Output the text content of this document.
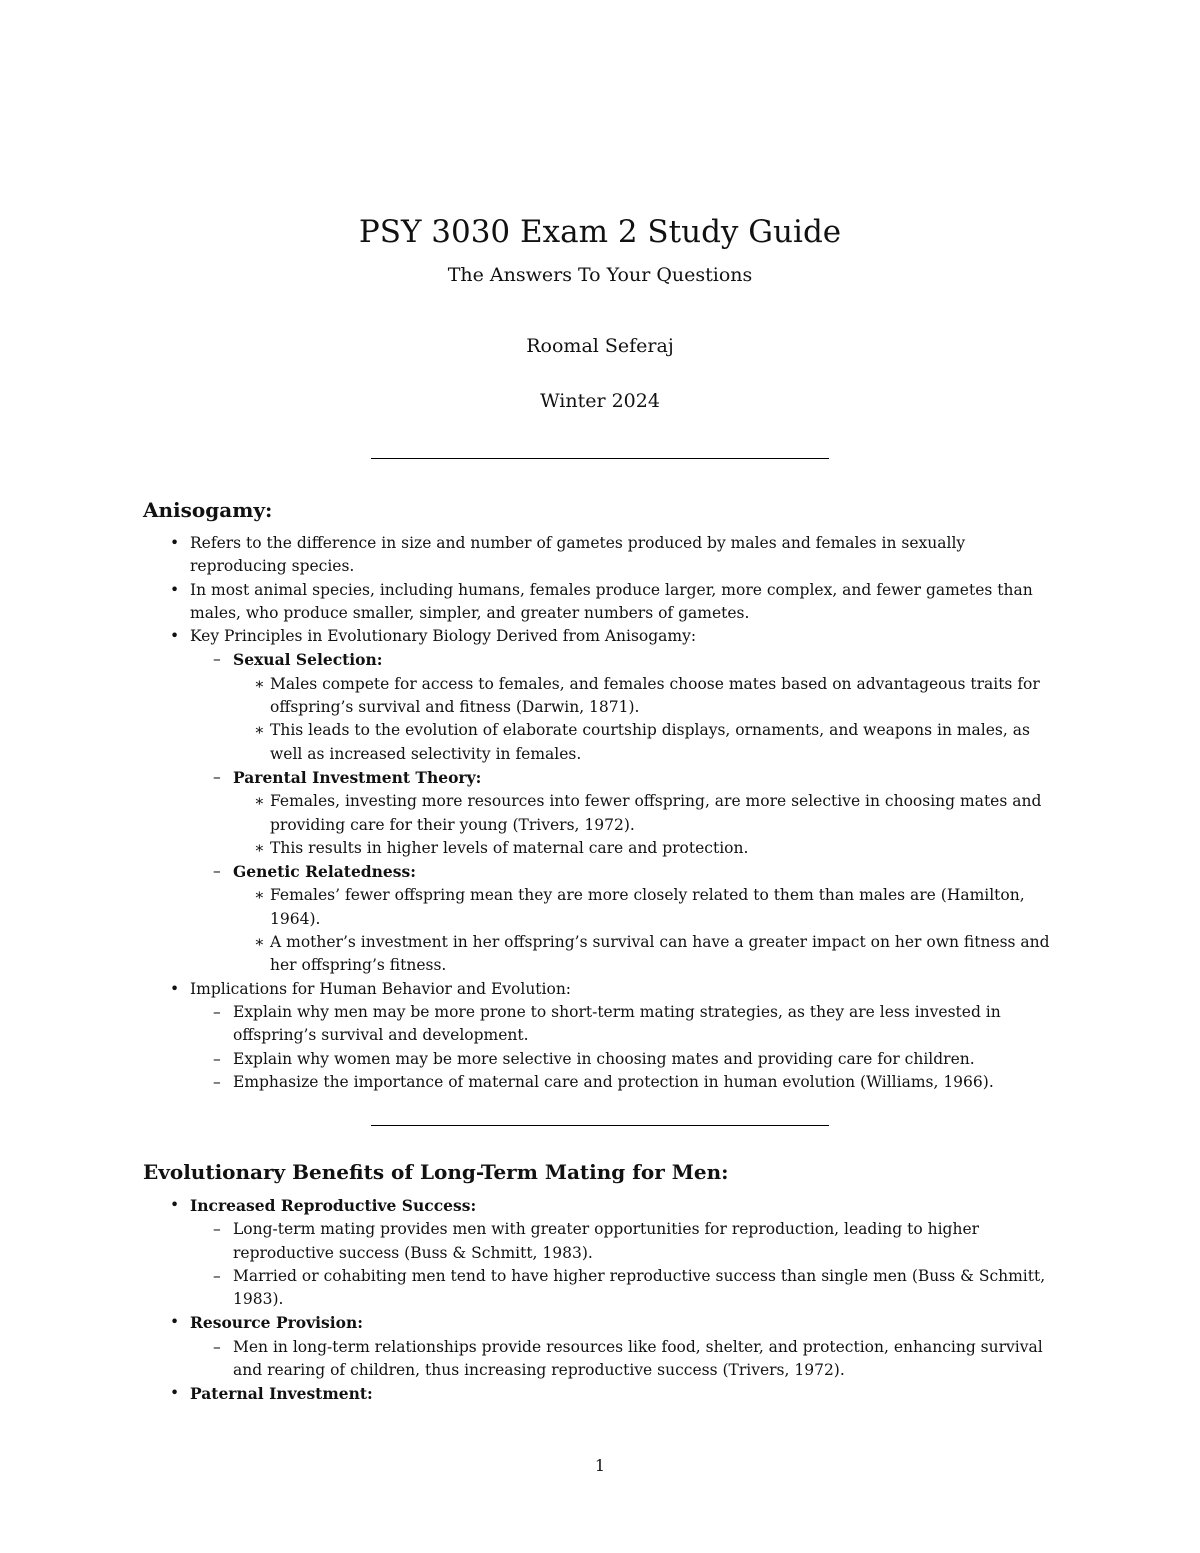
PSY 3030 Exam 2 Study Guide
The Answers To Your Questions
Roomal Seferaj
Winter 2024
Anisogamy:
• Refers to the difference in size and number of gametes produced by males and females in sexually reproducing species.
• In most animal species, including humans, females produce larger, more complex, and fewer gametes than males, who produce smaller, simpler, and greater numbers of gametes.
• Key Principles in Evolutionary Biology Derived from Anisogamy:
– Sexual Selection:
∗ Males compete for access to females, and females choose mates based on advantageous traits for offspring’s survival and fitness (Darwin, 1871).
∗ This leads to the evolution of elaborate courtship displays, ornaments, and weapons in males, as well as increased selectivity in females.
– Parental Investment Theory:
∗ Females, investing more resources into fewer offspring, are more selective in choosing mates and providing care for their young (Trivers, 1972).
∗ This results in higher levels of maternal care and protection.
– Genetic Relatedness:
∗ Females’ fewer offspring mean they are more closely related to them than males are (Hamilton, 1964).
∗ A mother’s investment in her offspring’s survival can have a greater impact on her own fitness and her offspring’s fitness.
• Implications for Human Behavior and Evolution:
– Explain why men may be more prone to short-term mating strategies, as they are less invested in offspring’s survival and development.
– Explain why women may be more selective in choosing mates and providing care for children.
– Emphasize the importance of maternal care and protection in human evolution (Williams, 1966).
Evolutionary Benefits of Long-Term Mating for Men:
• Increased Reproductive Success:
– Long-term mating provides men with greater opportunities for reproduction, leading to higher reproductive success (Buss & Schmitt, 1983).
– Married or cohabiting men tend to have higher reproductive success than single men (Buss & Schmitt, 1983).
• Resource Provision:
– Men in long-term relationships provide resources like food, shelter, and protection, enhancing survival and rearing of children, thus increasing reproductive success (Trivers, 1972).
• Paternal Investment:
1
